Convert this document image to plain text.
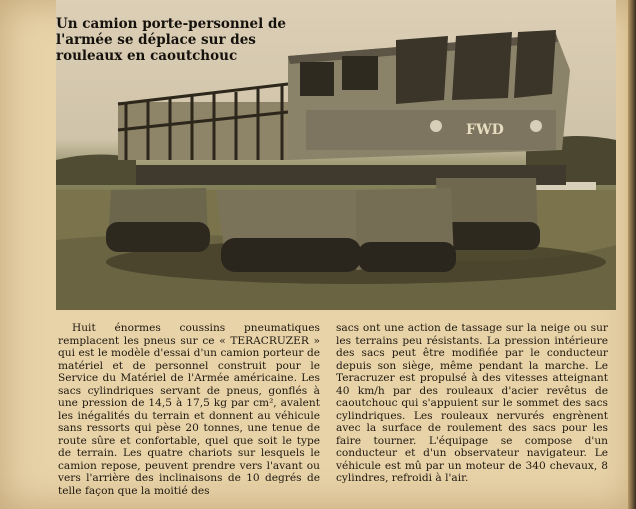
FWD
Un camion porte-personnel de l'armée se déplace sur des rouleaux en caoutchouc

Huit énormes coussins pneumatiques remplacent les pneus sur ce « TERACRUZER » qui est le modèle d'essai d'un camion porteur de matériel et de personnel construit pour le Service du Matériel de l'Armée américaine. Les sacs cylindriques servant de pneus, gonflés à une pression de 14,5 à 17,5 kg par cm², avalent les inégalités du terrain et donnent au véhicule sans ressorts qui pèse 20 tonnes, une tenue de route sûre et confortable, quel que soit le type de terrain. Les quatre chariots sur lesquels le camion repose, peuvent prendre vers l'avant ou vers l'arrière des inclinaisons de 10 degrés de telle façon que la moitié des

sacs ont une action de tassage sur la neige ou sur les terrains peu résistants. La pression intérieure des sacs peut être modifiée par le conducteur depuis son siège, même pendant la marche. Le Teracruzer est propulsé à des vitesses atteignant 40 km/h par des rouleaux d'acier revêtus de caoutchouc qui s'appuient sur le sommet des sacs cylindriques. Les rouleaux nervurés engrènent avec la surface de roulement des sacs pour les faire tourner. L'équipage se compose d'un conducteur et d'un observateur navigateur. Le véhicule est mû par un moteur de 340 chevaux, 8 cylindres, refroidi à l'air.
